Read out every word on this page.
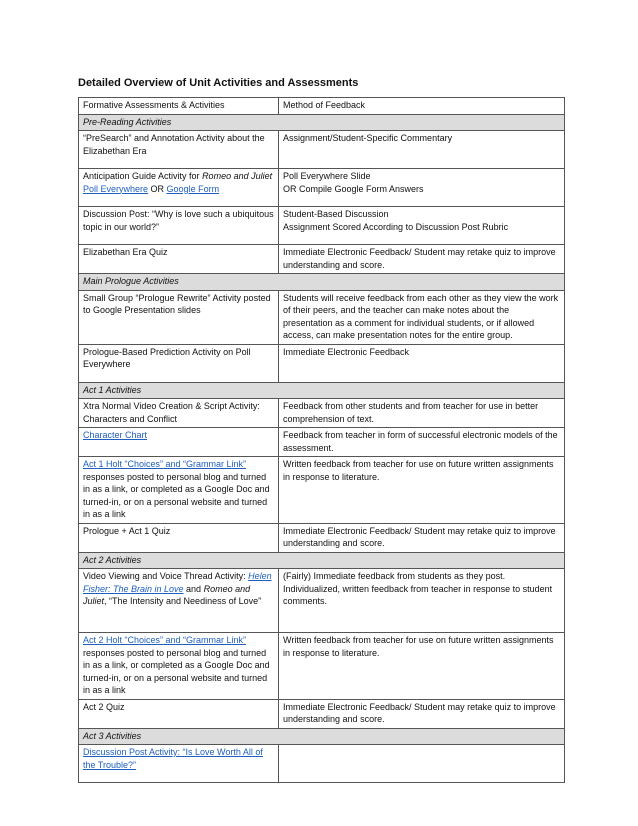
Detailed Overview of Unit Activities and Assessments
Formative Assessments & Activities	Method of Feedback
Pre-Reading Activities	
“PreSearch” and Annotation Activity about the Elizabethan Era	Assignment/Student-Specific Commentary
Anticipation Guide Activity for Romeo and Juliet Poll Everywhere OR Google Form	Poll Everywhere Slide
OR Compile Google Form Answers

Discussion Post: “Why is love such a ubiquitous topic in our world?”	Student-Based Discussion
Assignment Scored According to Discussion Post Rubric

Elizabethan Era Quiz	Immediate Electronic Feedback/ Student may retake quiz to improve understanding and score.
Main Prologue Activities	
Small Group “Prologue Rewrite” Activity posted to Google Presentation slides	Students will receive feedback from each other as they view the work of their peers, and the teacher can make notes about the presentation as a comment for individual students, or if allowed access, can make presentation notes for the entire group.
Prologue-Based Prediction Activity on Poll Everywhere	Immediate Electronic Feedback
Act 1 Activities	
Xtra Normal Video Creation & Script Activity: Characters and Conflict	Feedback from other students and from teacher for use in better comprehension of text.
Character Chart	Feedback from teacher in form of successful electronic models of the assessment.
Act 1 Holt “Choices” and “Grammar Link” responses posted to personal blog and turned in as a link, or completed as a Google Doc and turned-in, or on a personal website and turned in as a link	Written feedback from teacher for use on future written assignments in response to literature.
Prologue + Act 1 Quiz	Immediate Electronic Feedback/ Student may retake quiz to improve understanding and score.
Act 2 Activities	
Video Viewing and Voice Thread Activity: Helen Fisher: The Brain in Love and Romeo and Juliet, “The Intensity and Neediness of Love”	(Fairly) Immediate feedback from students as they post. Individualized, written feedback from teacher in response to student comments.
Act 2 Holt “Choices” and “Grammar Link” responses posted to personal blog and turned in as a link, or completed as a Google Doc and turned-in, or on a personal website and turned in as a link	Written feedback from teacher for use on future written assignments in response to literature.
Act 2 Quiz	Immediate Electronic Feedback/ Student may retake quiz to improve understanding and score.
Act 3 Activities	
Discussion Post Activity: “Is Love Worth All of the Trouble?”	
